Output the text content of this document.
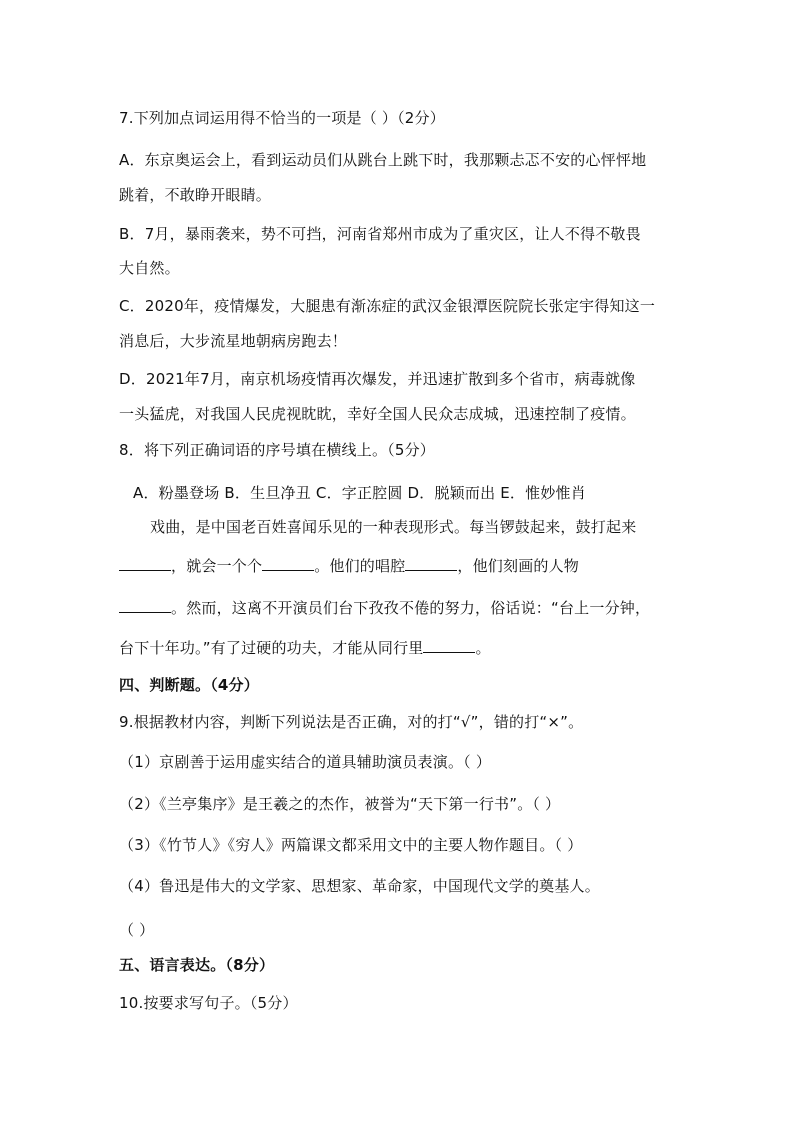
7.下列加点词运用得不恰当的一项是（ ）（2分）
A．东京奥运会上，看到运动员们从跳台上跳下时，我那颗忐忑不安的心怦怦地
跳着，不敢睁开眼睛。
B．7月，暴雨袭来，势不可挡，河南省郑州市成为了重灾区，让人不得不敬畏
大自然。
C．2020年，疫情爆发，大腿患有渐冻症的武汉金银潭医院院长张定宇得知这一
消息后，大步流星地朝病房跑去！
D．2021年7月，南京机场疫情再次爆发，并迅速扩散到多个省市，病毒就像
一头猛虎，对我国人民虎视眈眈，幸好全国人民众志成城，迅速控制了疫情。
8．将下列正确词语的序号填在横线上。（5分）
A．粉墨登场 B．生旦净丑 C．字正腔圆 D．脱颖而出 E．惟妙惟肖
戏曲，是中国老百姓喜闻乐见的一种表现形式。每当锣鼓起来，鼓打起来
，就会一个个	。他们的唱腔	，他们刻画的人物
。然而，这离不开演员们台下孜孜不倦的努力，俗话说：“台上一分钟，
台下十年功。”有了过硬的功夫，才能从同行里	。
四、判断题。（4分）
9.根据教材内容，判断下列说法是否正确，对的打“√”，错的打“×”。
（1）京剧善于运用虚实结合的道具辅助演员表演。（ ）
（2）《兰亭集序》是王羲之的杰作，被誉为“天下第一行书”。（ ）
（3）《竹节人》《穷人》两篇课文都采用文中的主要人物作题目。（ ）
（4）鲁迅是伟大的文学家、思想家、革命家，中国现代文学的奠基人。
（ ）
五、语言表达。（8分）
10.按要求写句子。（5分）
